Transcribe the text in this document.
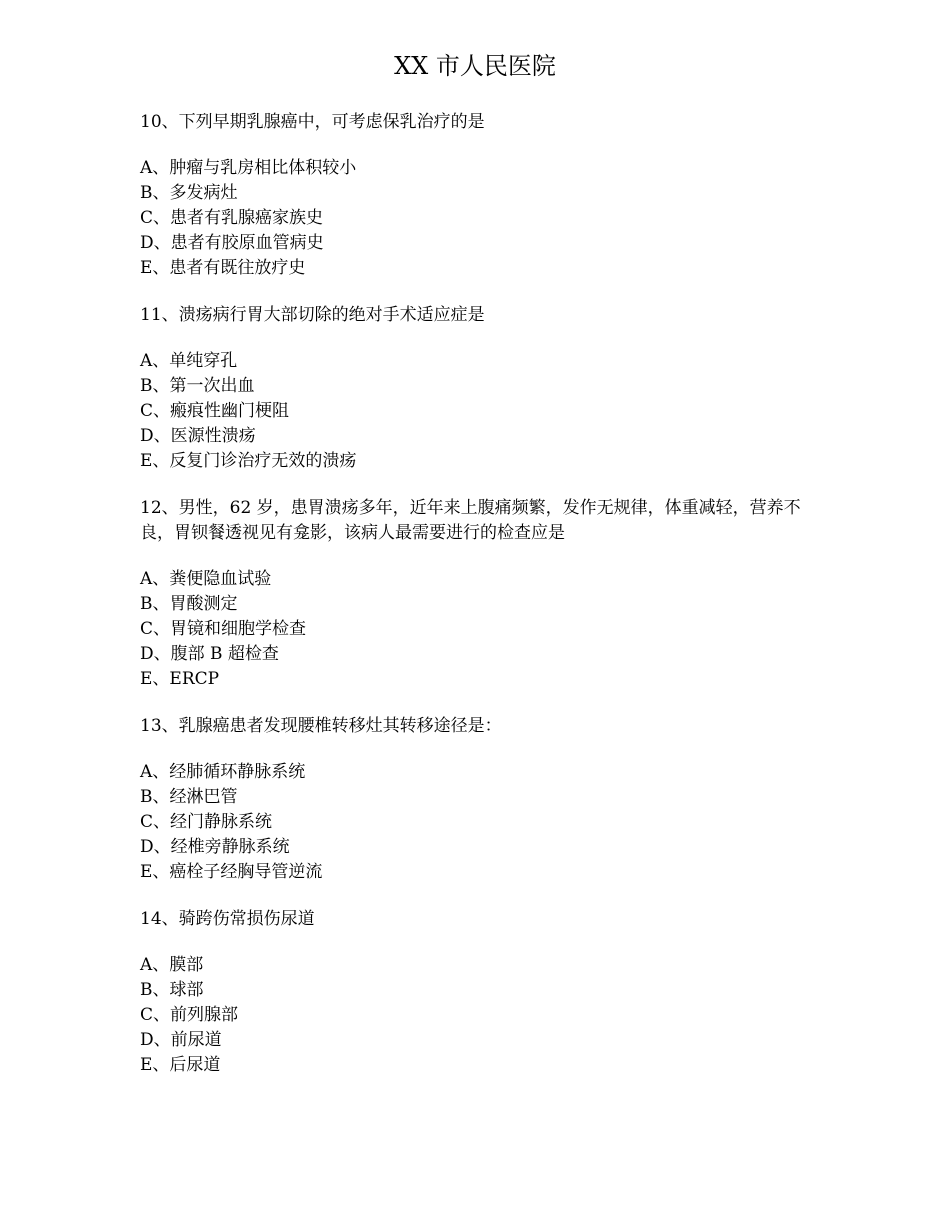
XX 市人民医院
10、下列早期乳腺癌中，可考虑保乳治疗的是
A、肿瘤与乳房相比体积较小
B、多发病灶
C、患者有乳腺癌家族史
D、患者有胶原血管病史
E、患者有既往放疗史
11、溃疡病行胃大部切除的绝对手术适应症是
A、单纯穿孔
B、第一次出血
C、瘢痕性幽门梗阻
D、医源性溃疡
E、反复门诊治疗无效的溃疡
12、男性，62 岁，患胃溃疡多年，近年来上腹痛频繁，发作无规律，体重减轻，营养不良，胃钡餐透视见有龛影，该病人最需要进行的检查应是
A、粪便隐血试验
B、胃酸测定
C、胃镜和细胞学检查
D、腹部 B 超检查
E、ERCP
13、乳腺癌患者发现腰椎转移灶其转移途径是：
A、经肺循环静脉系统
B、经淋巴管
C、经门静脉系统
D、经椎旁静脉系统
E、癌栓子经胸导管逆流
14、骑跨伤常损伤尿道
A、膜部
B、球部
C、前列腺部
D、前尿道
E、后尿道
